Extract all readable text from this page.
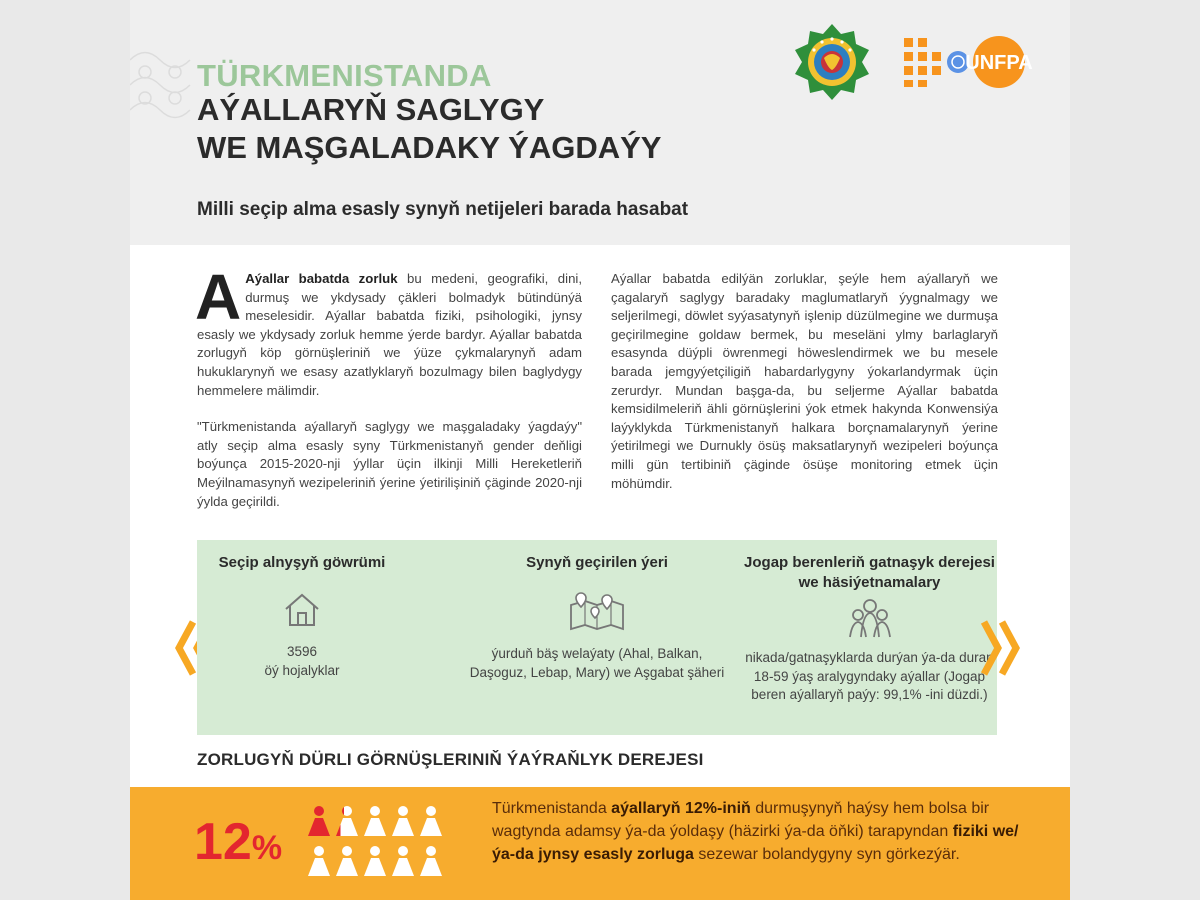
TÜRKMENISTANDA
AÝALLARYŇ SAGLYGY
WE MAŞGALADAKY ÝAGDAÝY
Milli seçip alma esasly synyň netijeleri barada hasabat
UNFPA

A Aýallar babatda zorluk bu medeni, geografiki, dini, durmuş we ykdysady çäkleri bolmadyk bütindünýä meselesidir. Aýallar babatda fiziki, psihologiki, jynsy esasly we ykdysady zorluk hemme ýerde bardyr. Aýallar babatda zorlugyň köp görnüşleriniň we ýüze çykmalarynyň adam hukuklarynyň we esasy azatlyklaryň bozulmagy bilen baglydygy hemmelere mälimdir.

"Türkmenistanda aýallaryň saglygy we maşgaladaky ýagdaýy" atly seçip alma esasly syny Türkmenistanyň gender deňligi boýunça 2015-2020-nji ýyllar üçin ilkinji Milli Hereketleriň Meýilnamasynyň wezipeleriniň ýerine ýetirilişiniň çäginde 2020-nji ýylda geçirildi.

Aýallar babatda edilýän zorluklar, şeýle hem aýallaryň we çagalaryň saglygy baradaky maglumatlaryň ýygnalmagy we seljerilmegi, döwlet syýasatynyň işlenip düzülmegine we durmuşa geçirilmegine goldaw bermek, bu meseläni ylmy barlaglaryň esasynda düýpli öwrenmegi höweslendirmek we bu mesele barada jemgyýetçiligiň habardarlygyny ýokarlandyrmak üçin zerurdyr. Mundan başga-da, bu seljerme Aýallar babatda kemsidilmeleriň ähli görnüşlerini ýok etmek hakynda Konwensiýa laýyklykda Türkmenistanyň halkara borçnamalarynyň ýerine ýetirilmegi we Durnukly ösüş maksatlarynyň wezipeleri boýunça milli gün tertibiniň çäginde ösüşe monitoring etmek üçin möhümdir.

Seçip alnyşyň göwrümi
3596
öý hojalyklar
Synyň geçirilen ýeri
ýurduň bäş welaýaty (Ahal, Balkan, Daşoguz, Lebap, Mary) we Aşgabat şäheri
Jogap berenleriň gatnaşyk derejesi
we häsiýetnamalary
nikada/gatnaşyklarda durýan ýa-da duran 18-59 ýaş aralygyndaky aýallar (Jogap beren aýallaryň paýy: 99,1% -ini düzdi.)
ZORLUGYŇ DÜRLI GÖRNÜŞLERINIŇ ÝAÝRAŇLYK DEREJESI
12%
Türkmenistanda aýallaryň 12%-iniň durmuşynyň haýsy hem bolsa bir wagtynda adamsy ýa-da ýoldaşy (häzirki ýa-da öňki) tarapyndan fiziki we/ýa-da jynsy esasly zorluga sezewar bolandygyny syn görkezýär.
